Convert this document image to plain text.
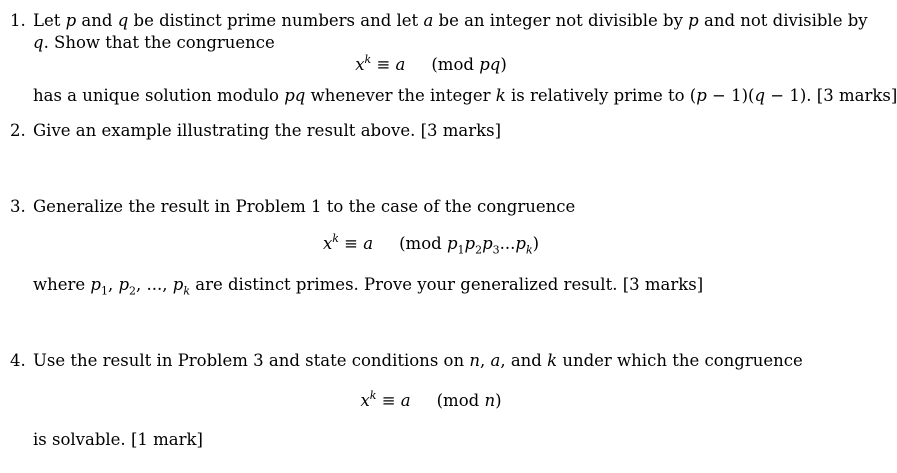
1. Let p and q be distinct prime numbers and let a be an integer not divisible by p and not divisible by
q. Show that the congruence
$x^k \equiv a$ (mod pq)
has a unique solution modulo pq whenever the integer k is relatively prime to (p − 1)(q − 1). [3 marks]
2. Give an example illustrating the result above. [3 marks]
3. Generalize the result in Problem 1 to the case of the congruence
$x^k \equiv a$ (mod $p_1p_2p_3...p_k$)
where $p_1$, $p_2$, ..., $p_k$ are distinct primes. Prove your generalized result. [3 marks]
4. Use the result in Problem 3 and state conditions on n, a, and k under which the congruence
$x^k \equiv a$ (mod n)
is solvable. [1 mark]
